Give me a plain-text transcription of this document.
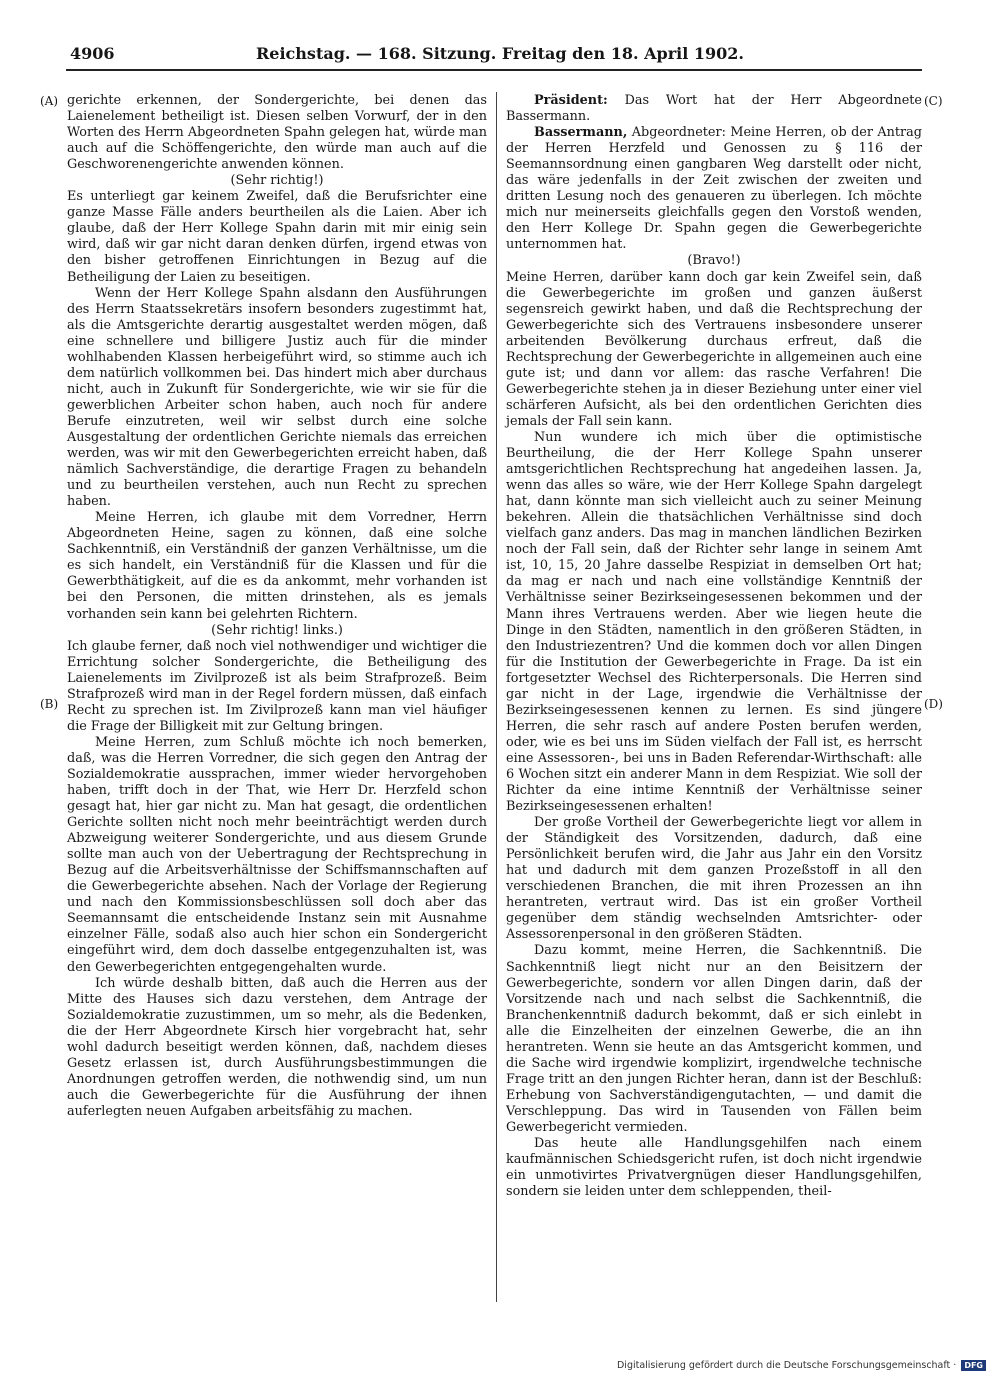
4906	Reichstag. — 168. Sitzung. Freitag den 18. April 1902.
(A)
(B)
(C)
(D)

gerichte erkennen, der Sondergerichte, bei denen das Laienelement betheiligt ist. Diesen selben Vorwurf, der in den Worten des Herrn Abgeordneten Spahn gelegen hat, würde man auch auf die Schöffengerichte, den würde man auch auf die Geschworenengerichte anwenden können.

(Sehr richtig!)

Es unterliegt gar keinem Zweifel, daß die Berufsrichter eine ganze Masse Fälle anders beurtheilen als die Laien. Aber ich glaube, daß der Herr Kollege Spahn darin mit mir einig sein wird, daß wir gar nicht daran denken dürfen, irgend etwas von den bisher getroffenen Einrichtungen in Bezug auf die Betheiligung der Laien zu beseitigen.

Wenn der Herr Kollege Spahn alsdann den Ausführungen des Herrn Staatssekretärs insofern besonders zugestimmt hat, als die Amtsgerichte derartig ausgestaltet werden mögen, daß eine schnellere und billigere Justiz auch für die minder wohlhabenden Klassen herbeigeführt wird, so stimme auch ich dem natürlich vollkommen bei. Das hindert mich aber durchaus nicht, auch in Zukunft für Sondergerichte, wie wir sie für die gewerblichen Arbeiter schon haben, auch noch für andere Berufe einzutreten, weil wir selbst durch eine solche Ausgestaltung der ordentlichen Gerichte niemals das erreichen werden, was wir mit den Gewerbegerichten erreicht haben, daß nämlich Sachverständige, die derartige Fragen zu behandeln und zu beurtheilen verstehen, auch nun Recht zu sprechen haben.

Meine Herren, ich glaube mit dem Vorredner, Herrn Abgeordneten Heine, sagen zu können, daß eine solche Sachkenntniß, ein Verständniß der ganzen Verhältnisse, um die es sich handelt, ein Verständniß für die Klassen und für die Gewerbthätigkeit, auf die es da ankommt, mehr vorhanden ist bei den Personen, die mitten drinstehen, als es jemals vorhanden sein kann bei gelehrten Richtern.

(Sehr richtig! links.)

Ich glaube ferner, daß noch viel nothwendiger und wichtiger die Errichtung solcher Sondergerichte, die Betheiligung des Laienelements im Zivilprozeß ist als beim Strafprozeß. Beim Strafprozeß wird man in der Regel fordern müssen, daß einfach Recht zu sprechen ist. Im Zivilprozeß kann man viel häufiger die Frage der Billigkeit mit zur Geltung bringen.

Meine Herren, zum Schluß möchte ich noch bemerken, daß, was die Herren Vorredner, die sich gegen den Antrag der Sozialdemokratie aussprachen, immer wieder hervorgehoben haben, trifft doch in der That, wie Herr Dr. Herzfeld schon gesagt hat, hier gar nicht zu. Man hat gesagt, die ordentlichen Gerichte sollten nicht noch mehr beeinträchtigt werden durch Abzweigung weiterer Sondergerichte, und aus diesem Grunde sollte man auch von der Uebertragung der Rechtsprechung in Bezug auf die Arbeitsverhältnisse der Schiffsmannschaften auf die Gewerbegerichte absehen. Nach der Vorlage der Regierung und nach den Kommissionsbeschlüssen soll doch aber das Seemannsamt die entscheidende Instanz sein mit Ausnahme einzelner Fälle, sodaß also auch hier schon ein Sondergericht eingeführt wird, dem doch dasselbe entgegenzuhalten ist, was den Gewerbegerichten entgegengehalten wurde.

Ich würde deshalb bitten, daß auch die Herren aus der Mitte des Hauses sich dazu verstehen, dem Antrage der Sozialdemokratie zuzustimmen, um so mehr, als die Bedenken, die der Herr Abgeordnete Kirsch hier vorgebracht hat, sehr wohl dadurch beseitigt werden können, daß, nachdem dieses Gesetz erlassen ist, durch Ausführungsbestimmungen die Anordnungen getroffen werden, die nothwendig sind, um nun auch die Gewerbegerichte für die Ausführung der ihnen auferlegten neuen Aufgaben arbeitsfähig zu machen.

Präsident: Das Wort hat der Herr Abgeordnete Bassermann.

Bassermann, Abgeordneter: Meine Herren, ob der Antrag der Herren Herzfeld und Genossen zu § 116 der Seemannsordnung einen gangbaren Weg darstellt oder nicht, das wäre jedenfalls in der Zeit zwischen der zweiten und dritten Lesung noch des genaueren zu überlegen. Ich möchte mich nur meinerseits gleichfalls gegen den Vorstoß wenden, den Herr Kollege Dr. Spahn gegen die Gewerbegerichte unternommen hat.

(Bravo!)

Meine Herren, darüber kann doch gar kein Zweifel sein, daß die Gewerbegerichte im großen und ganzen äußerst segensreich gewirkt haben, und daß die Rechtsprechung der Gewerbegerichte sich des Vertrauens insbesondere unserer arbeitenden Bevölkerung durchaus erfreut, daß die Rechtsprechung der Gewerbegerichte in allgemeinen auch eine gute ist; und dann vor allem: das rasche Verfahren! Die Gewerbegerichte stehen ja in dieser Beziehung unter einer viel schärferen Aufsicht, als bei den ordentlichen Gerichten dies jemals der Fall sein kann.

Nun wundere ich mich über die optimistische Beurtheilung, die der Herr Kollege Spahn unserer amtsgerichtlichen Rechtsprechung hat angedeihen lassen. Ja, wenn das alles so wäre, wie der Herr Kollege Spahn dargelegt hat, dann könnte man sich vielleicht auch zu seiner Meinung bekehren. Allein die thatsächlichen Verhältnisse sind doch vielfach ganz anders. Das mag in manchen ländlichen Bezirken noch der Fall sein, daß der Richter sehr lange in seinem Amt ist, 10, 15, 20 Jahre dasselbe Respiziat in demselben Ort hat; da mag er nach und nach eine vollständige Kenntniß der Verhältnisse seiner Bezirkseingesessenen bekommen und der Mann ihres Vertrauens werden. Aber wie liegen heute die Dinge in den Städten, namentlich in den größeren Städten, in den Industriezentren? Und die kommen doch vor allen Dingen für die Institution der Gewerbegerichte in Frage. Da ist ein fortgesetzter Wechsel des Richterpersonals. Die Herren sind gar nicht in der Lage, irgendwie die Verhältnisse der Bezirkseingesessenen kennen zu lernen. Es sind jüngere Herren, die sehr rasch auf andere Posten berufen werden, oder, wie es bei uns im Süden vielfach der Fall ist, es herrscht eine Assessoren-, bei uns in Baden Referendar-Wirthschaft: alle 6 Wochen sitzt ein anderer Mann in dem Respiziat. Wie soll der Richter da eine intime Kenntniß der Verhältnisse seiner Bezirkseingesessenen erhalten!

Der große Vortheil der Gewerbegerichte liegt vor allem in der Ständigkeit des Vorsitzenden, dadurch, daß eine Persönlichkeit berufen wird, die Jahr aus Jahr ein den Vorsitz hat und dadurch mit dem ganzen Prozeßstoff in all den verschiedenen Branchen, die mit ihren Prozessen an ihn herantreten, vertraut wird. Das ist ein großer Vortheil gegenüber dem ständig wechselnden Amtsrichter- oder Assessorenpersonal in den größeren Städten.

Dazu kommt, meine Herren, die Sachkenntniß. Die Sachkenntniß liegt nicht nur an den Beisitzern der Gewerbegerichte, sondern vor allen Dingen darin, daß der Vorsitzende nach und nach selbst die Sachkenntniß, die Branchenkenntniß dadurch bekommt, daß er sich einlebt in alle die Einzelheiten der einzelnen Gewerbe, die an ihn herantreten. Wenn sie heute an das Amtsgericht kommen, und die Sache wird irgendwie komplizirt, irgendwelche technische Frage tritt an den jungen Richter heran, dann ist der Beschluß: Erhebung von Sachverständigengutachten, — und damit die Verschleppung. Das wird in Tausenden von Fällen beim Gewerbegericht vermieden.

Das heute alle Handlungsgehilfen nach einem kaufmännischen Schiedsgericht rufen, ist doch nicht irgendwie ein unmotivirtes Privatvergnügen dieser Handlungsgehilfen, sondern sie leiden unter dem schleppenden, theil-

Digitalisierung gefördert durch die Deutsche Forschungsgemeinschaft ·	DFG
